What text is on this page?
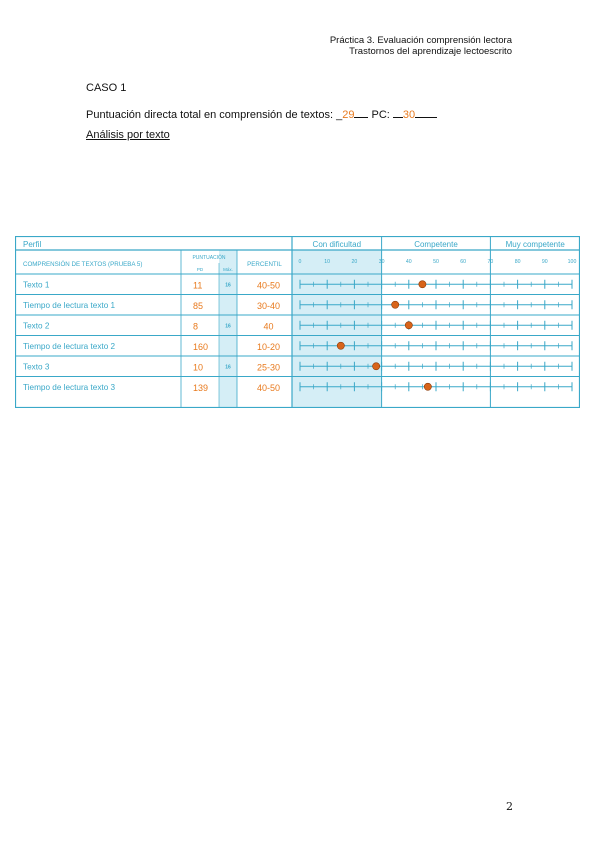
Práctica 3. Evaluación comprensión lectora
Trastornos del aprendizaje lectoescrito
CASO 1
Puntuación directa total en comprensión de textos: _29 PC: 30
Análisis por texto
Perfil	Con dificultad	Competente	Muy competente
COMPRENSIÓN DE TEXTOS (PRUEBA 5)
PUNTUACIÓN
PD	Máx.
PERCENTIL	0	10	20	30	40	50	60	70	80	90	100
Texto 1	11	16	40-50
Tiempo de lectura texto 1	85	30-40
Texto 2	8	16	40
Tiempo de lectura texto 2	160	10-20
Texto 3	10	16	25-30
Tiempo de lectura texto 3	139	40-50
2
